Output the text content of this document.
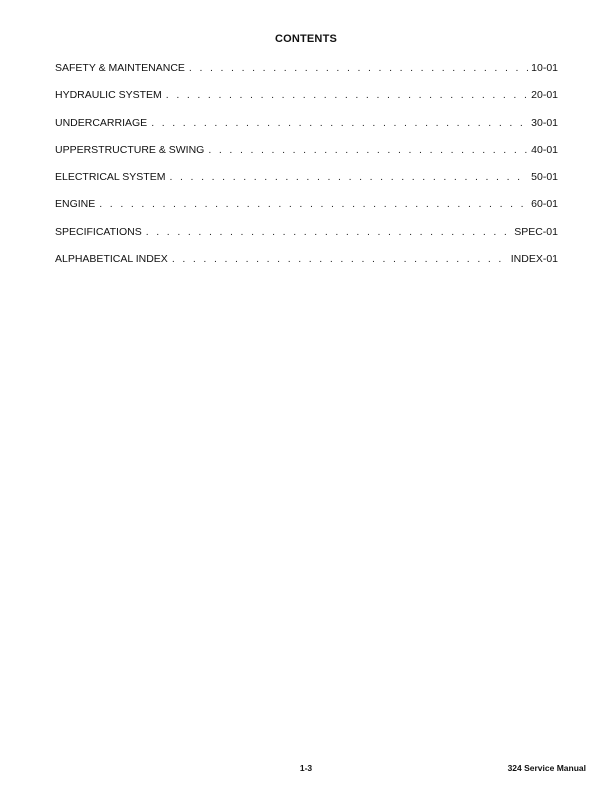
CONTENTS
SAFETY & MAINTENANCE . . .	10-01
HYDRAULIC SYSTEM . . .	20-01
UNDERCARRIAGE . . .	30-01
UPPERSTRUCTURE & SWING . . .	40-01
ELECTRICAL SYSTEM . . .	50-01
ENGINE . . .	60-01
SPECIFICATIONS . . .	SPEC-01
ALPHABETICAL INDEX . . .	INDEX-01
1-3	324 Service Manual
